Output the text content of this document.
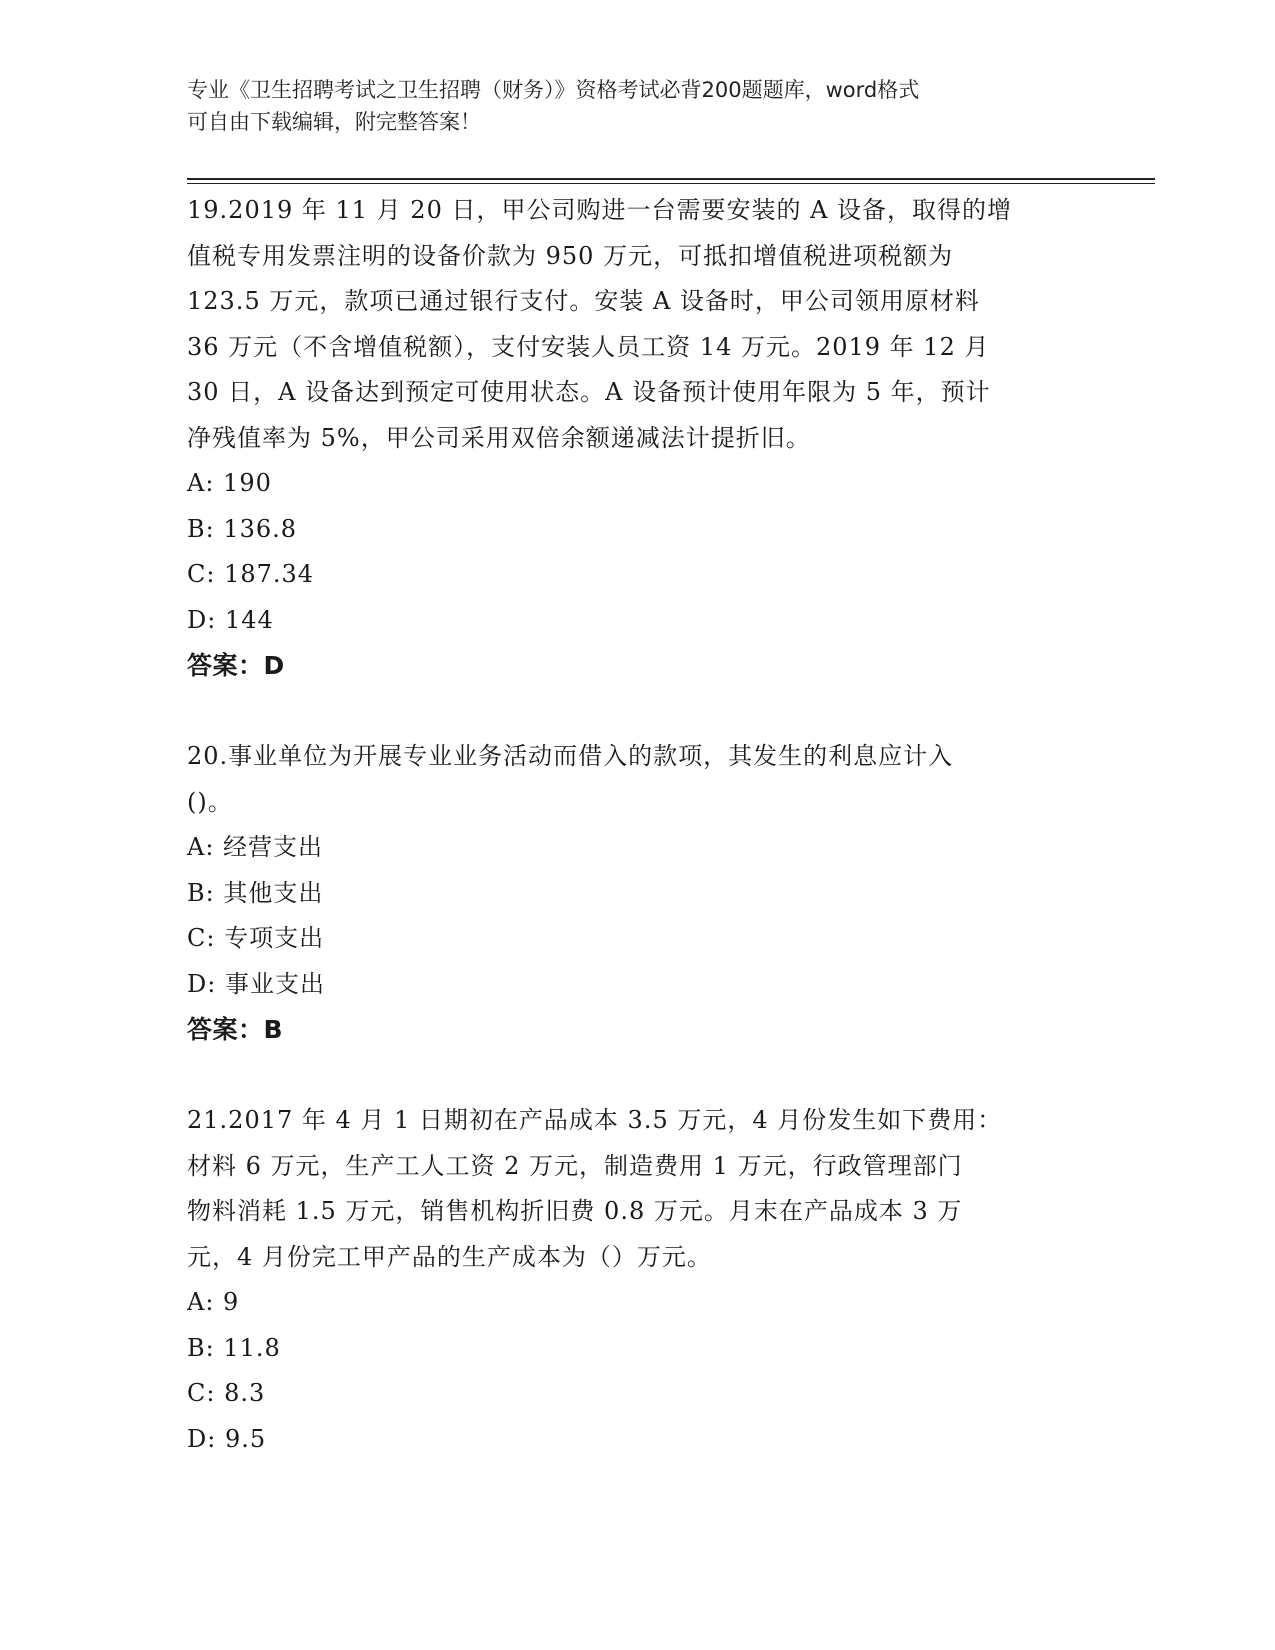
专业《卫生招聘考试之卫生招聘（财务）》资格考试必背200题题库，word格式
可自由下载编辑，附完整答案！
19.2019 年 11 月 20 日，甲公司购进一台需要安装的 A 设备，取得的增
值税专用发票注明的设备价款为 950 万元，可抵扣增值税进项税额为
123.5 万元，款项已通过银行支付。安装 A 设备时，甲公司领用原材料
36 万元（不含增值税额），支付安装人员工资 14 万元。2019 年 12 月
30 日，A 设备达到预定可使用状态。A 设备预计使用年限为 5 年，预计
净残值率为 5%，甲公司采用双倍余额递减法计提折旧。
A: 190
B: 136.8
C: 187.34
D: 144
答案：D
20.事业单位为开展专业业务活动而借入的款项，其发生的利息应计入
()。
A: 经营支出
B: 其他支出
C: 专项支出
D: 事业支出
答案：B
21.2017 年 4 月 1 日期初在产品成本 3.5 万元，4 月份发生如下费用：
材料 6 万元，生产工人工资 2 万元，制造费用 1 万元，行政管理部门
物料消耗 1.5 万元，销售机构折旧费 0.8 万元。月末在产品成本 3 万
元，4 月份完工甲产品的生产成本为（）万元。
A: 9
B: 11.8
C: 8.3
D: 9.5
